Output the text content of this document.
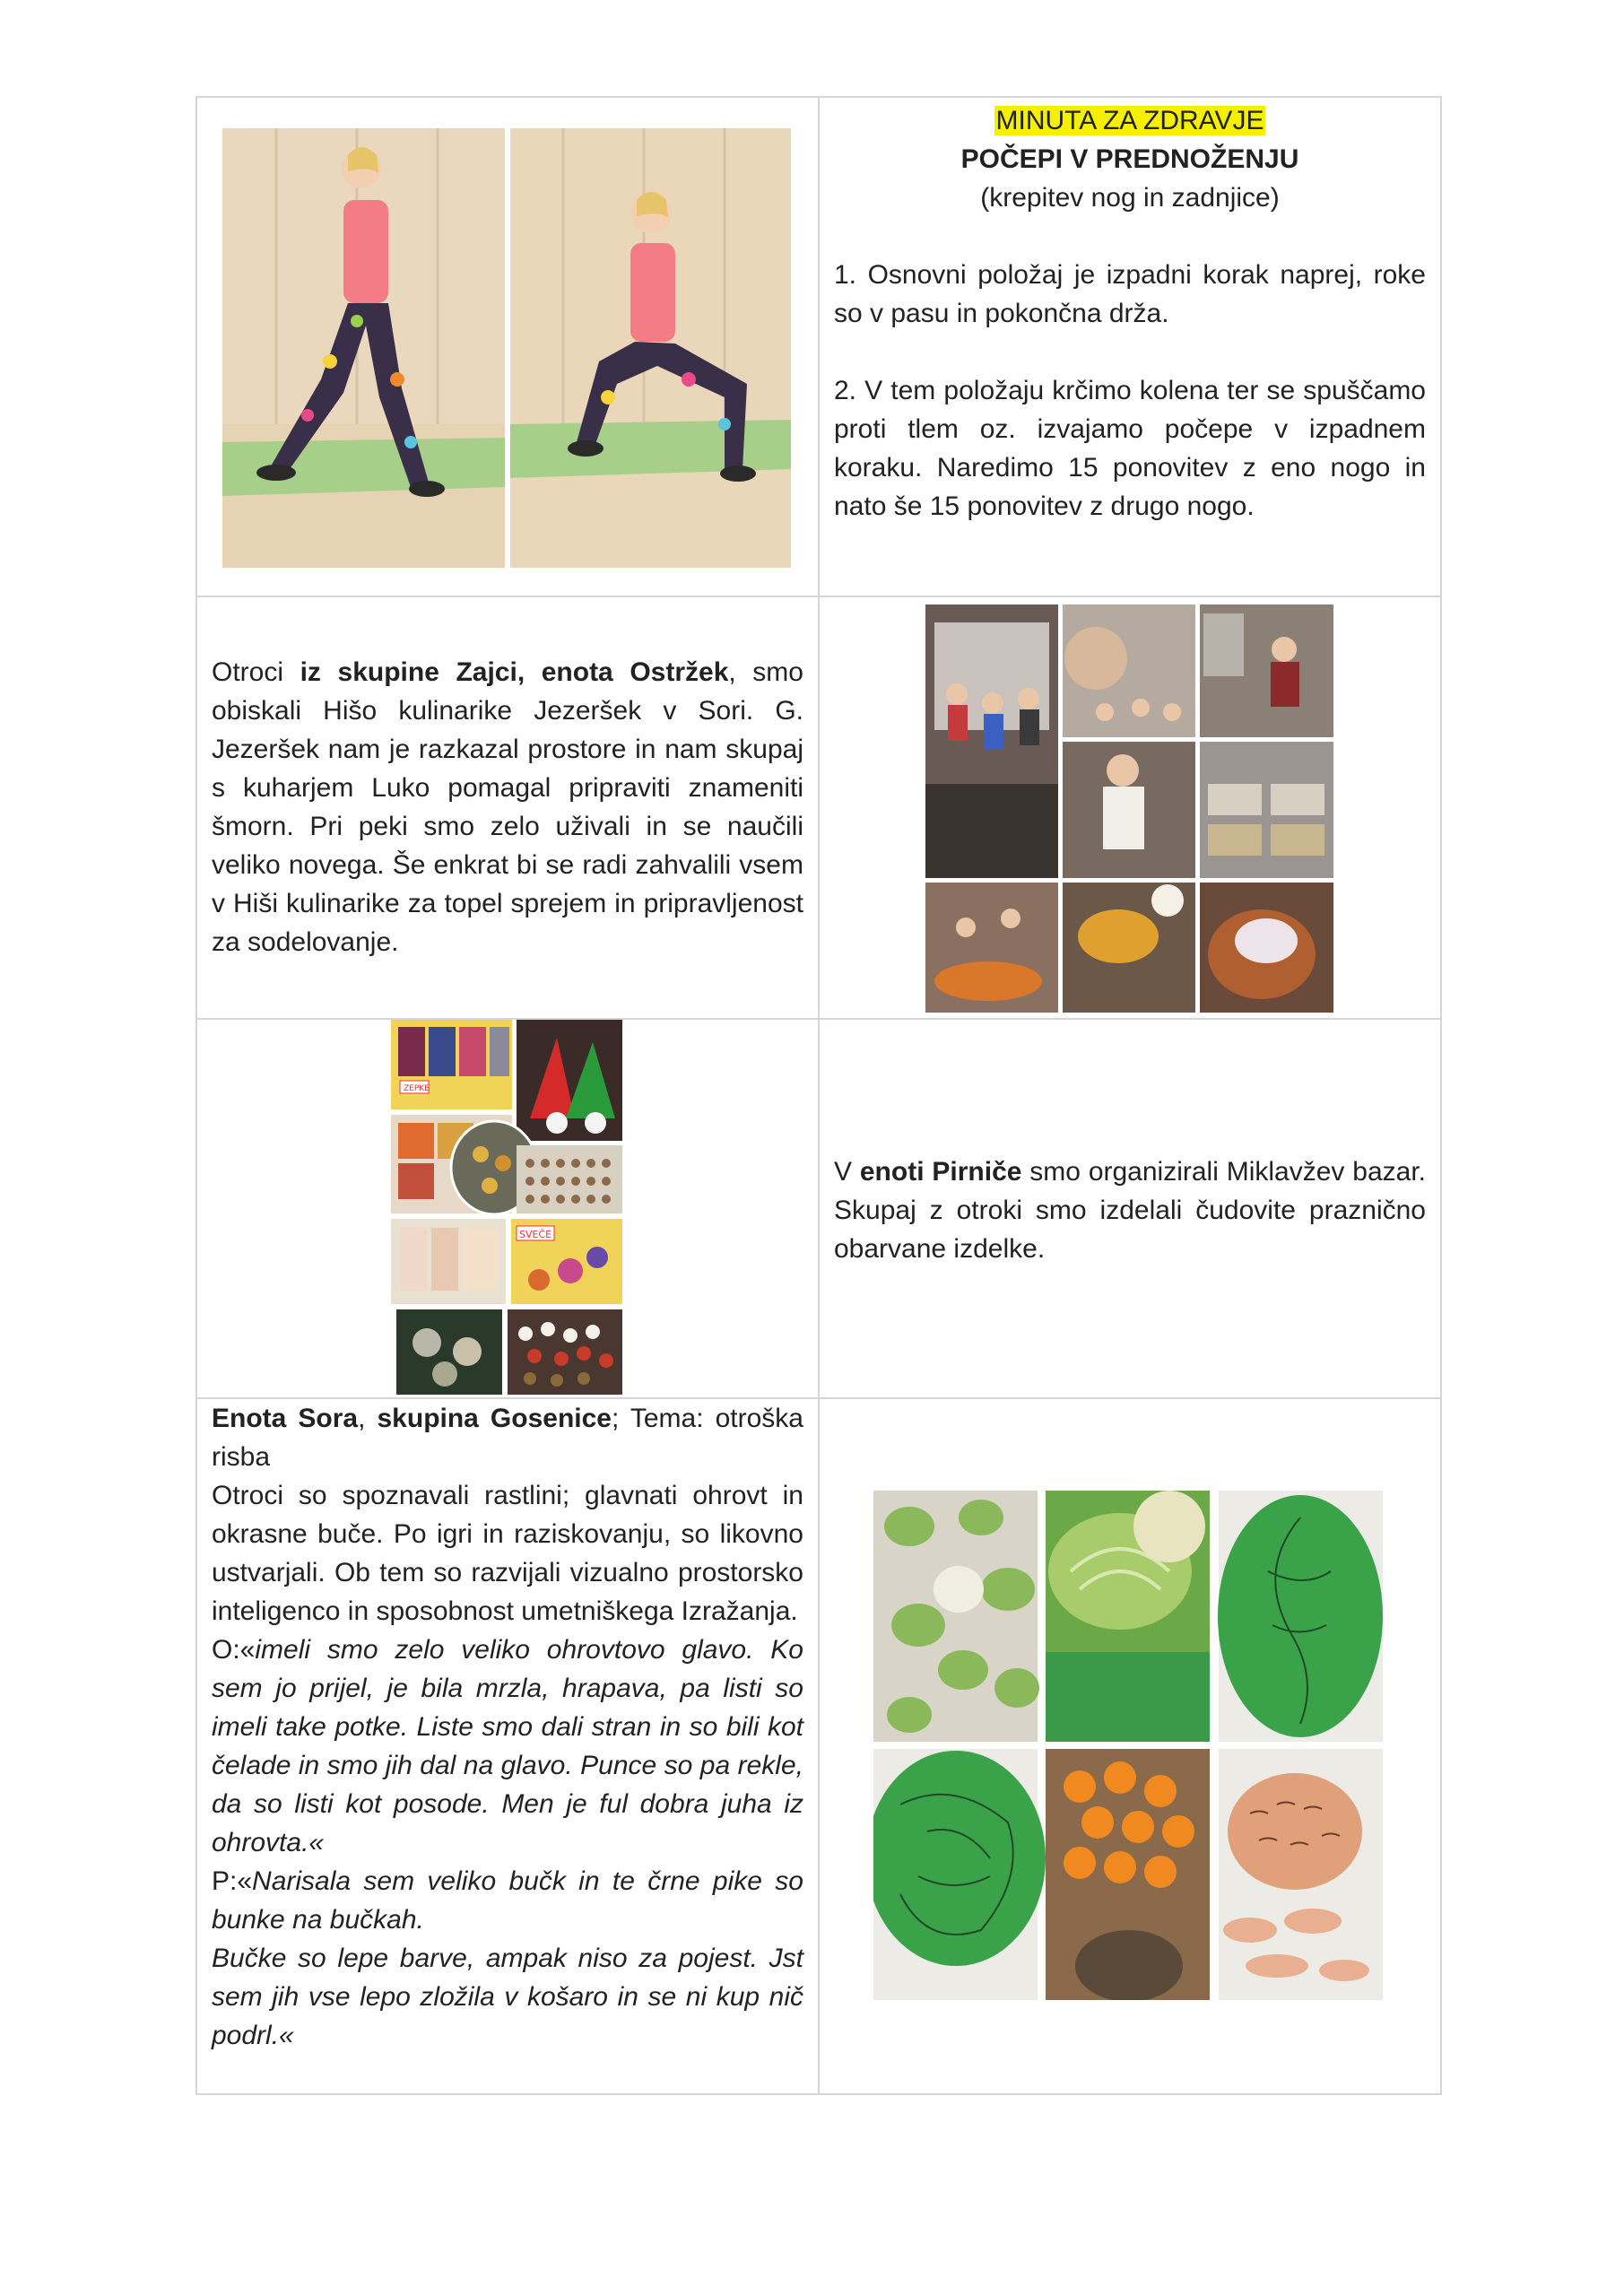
MINUTA ZA ZDRAVJE

POČEPI V PREDNOŽENJU

(krepitev nog in zadnjice)

1. Osnovni položaj je izpadni korak naprej, roke so v pasu in pokončna drža.

2. V tem položaju krčimo kolena ter se spuščamo proti tlem oz. izvajamo počepe v izpadnem koraku. Naredimo 15 ponovitev z eno nogo in nato še 15 ponovitev z drugo nogo.

Otroci iz skupine Zajci, enota Ostržek, smo obiskali Hišo kulinarike Jezeršek v Sori. G. Jezeršek nam je razkazal prostore in nam skupaj s kuharjem Luko pomagal pripraviti znameniti šmorn. Pri peki smo zelo uživali in se naučili veliko novega. Še enkrat bi se radi zahvalili vsem v Hiši kulinarike za topel sprejem in pripravljenost za sodelovanje.

ZEPKE
SVEČE	V enoti Pirniče smo organizirali Miklavžev bazar. Skupaj z otroki smo izdelali čudovite praznično obarvane izdelke.

Enota Sora, skupina Gosenice; Tema: otroška risba

Otroci so spoznavali rastlini; glavnati ohrovt in okrasne buče. Po igri in raziskovanju, so likovno ustvarjali. Ob tem so razvijali vizualno prostorsko inteligenco in sposobnost umetniškega Izražanja.

O:«imeli smo zelo veliko ohrovtovo glavo. Ko sem jo prijel, je bila mrzla, hrapava, pa listi so imeli take potke. Liste smo dali stran in so bili kot čelade in smo jih dal na glavo. Punce so pa rekle, da so listi kot posode. Men je ful dobra juha iz ohrovta.«

P:«Narisala sem veliko bučk in te črne pike so bunke na bučkah.

Bučke so lepe barve, ampak niso za pojest. Jst sem jih vse lepo zložila v košaro in se ni kup nič podrl.«
